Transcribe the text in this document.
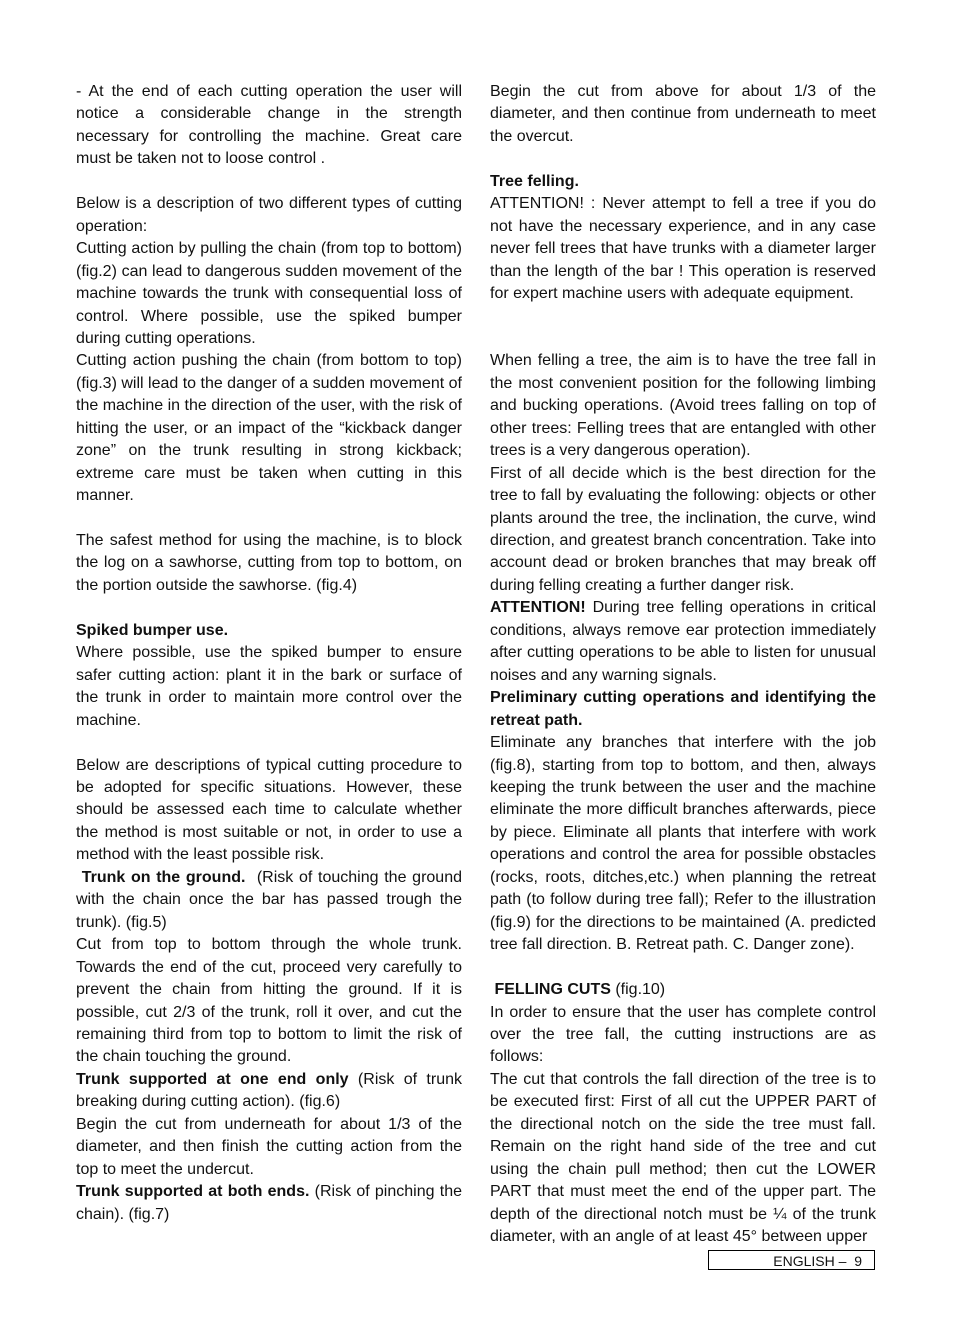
- At the end of each cutting operation the user will notice a considerable change in the strength necessary for controlling the machine. Great care must be taken not to loose control .

Below is a description of two different types of cutting operation:

Cutting action by pulling the chain (from top to bottom) (fig.2) can lead to dangerous sudden movement of the machine towards the trunk with consequential loss of control. Where possible, use the spiked bumper during cutting operations.

Cutting action pushing the chain (from bottom to top) (fig.3) will lead to the danger of a sudden movement of the machine in the direction of the user, with the risk of hitting the user, or an impact of the “kickback danger zone” on the trunk resulting in strong kickback; extreme care must be taken when cutting in this manner.

The safest method for using the machine, is to block the log on a sawhorse, cutting from top to bottom, on the portion outside the sawhorse. (fig.4)

Spiked bumper use.

Where possible, use the spiked bumper to ensure safer cutting action: plant it in the bark or surface of the trunk in order to maintain more control over the machine.

Below are descriptions of typical cutting procedure to be adopted for specific situations. However, these should be assessed each time to calculate whether the method is most suitable or not, in order to use a method with the least possible risk.

Trunk on the ground.  (Risk of touching the ground with the chain once the bar has passed trough the trunk). (fig.5)

Cut from top to bottom through the whole trunk. Towards the end of the cut, proceed very carefully to prevent the chain from hitting the ground. If it is possible, cut 2/3 of the trunk, roll it over, and cut the remaining third from top to bottom to limit the risk of the chain touching the ground.

Trunk supported at one end only (Risk of trunk breaking during cutting action). (fig.6)

Begin the cut from underneath for about 1/3 of the diameter, and then finish the cutting action from the top to meet the undercut.

Trunk supported at both ends. (Risk of pinching the chain). (fig.7)

Begin the cut from above for about 1/3 of the diameter, and then continue from underneath to meet the overcut.

Tree felling.

ATTENTION! : Never attempt to fell a tree if you do not have the necessary experience, and in any case never fell trees that have trunks with a diameter larger than the length of the bar ! This operation is reserved for expert machine users with adequate equipment.

When felling a tree, the aim is to have the tree fall in the most convenient position for the following limbing and bucking operations. (Avoid trees falling on top of other trees: Felling trees that are entangled with other trees is a very dangerous operation).

First of all decide which is the best direction for the tree to fall by evaluating the following: objects or other plants around the tree, the inclination, the curve, wind direction, and greatest branch concentration. Take into account dead or broken branches that may break off during felling creating a further danger risk.

ATTENTION! During tree felling operations in critical conditions, always remove ear protection immediately after cutting operations to be able to listen for unusual noises and any warning signals.

Preliminary cutting operations and identifying the retreat path.

Eliminate any branches that interfere with the job (fig.8), starting from top to bottom, and then, always keeping the trunk between the user and the machine eliminate the more difficult branches afterwards, piece by piece. Eliminate all plants that interfere with work operations and control the area for possible obstacles (rocks, roots, ditches,etc.) when planning the retreat path (to follow during tree fall); Refer to the illustration (fig.9) for the directions to be maintained (A. predicted tree fall direction. B. Retreat path. C. Danger zone).

FELLING CUTS (fig.10)

In order to ensure that the user has complete control over the tree fall, the cutting instructions are as follows:

The cut that controls the fall direction of the tree is to be executed first: First of all cut the UPPER PART of the directional notch on the side the tree must fall. Remain on the right hand side of the tree and cut using the chain pull method; then cut the LOWER PART that must meet the end of the upper part. The depth of the directional notch must be ¼ of the trunk diameter, with an angle of at least 45° between upper

ENGLISH –  9
